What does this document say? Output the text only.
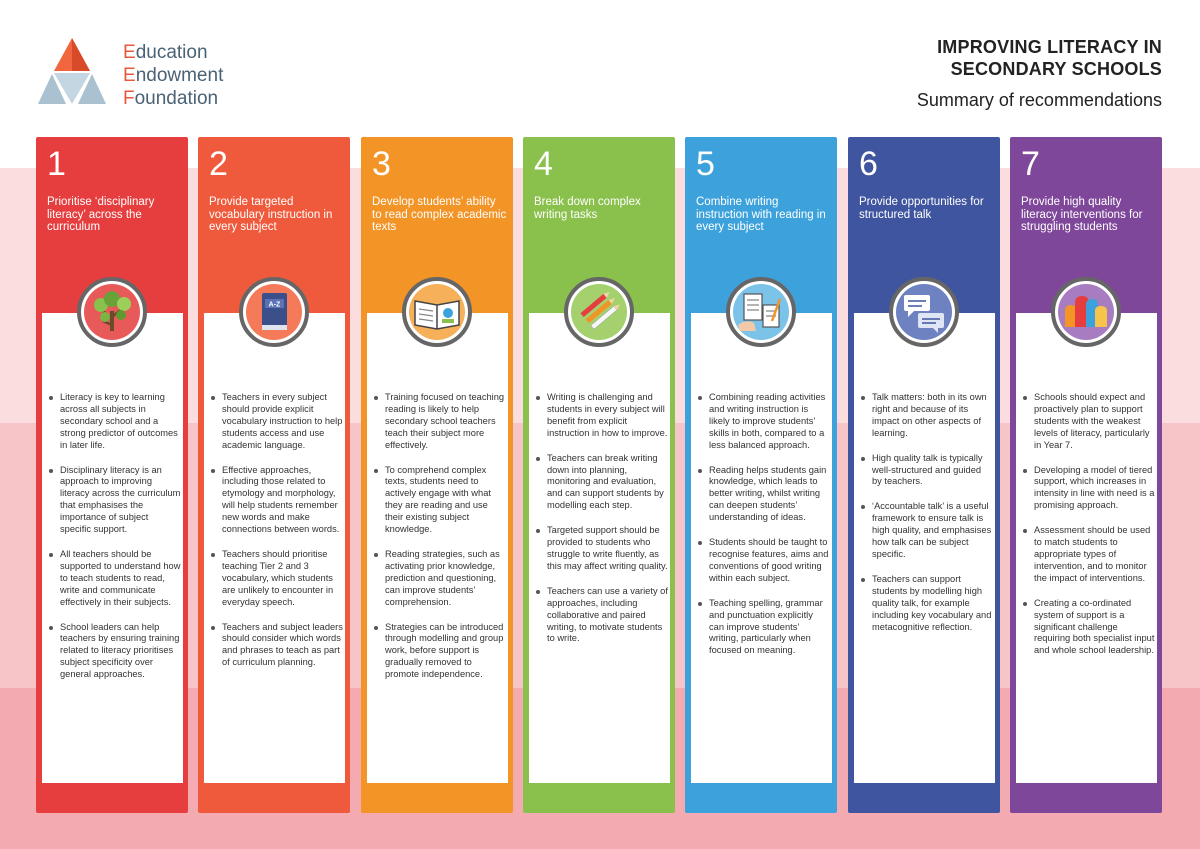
Education
Endowment
Foundation
IMPROVING LITERACY IN
SECONDARY SCHOOLS
Summary of recommendations
1
Prioritise ‘disciplinary literacy’ across the curriculum
Literacy is key to learning across all subjects in secondary school and a strong predictor of outcomes in later life.
Disciplinary literacy is an approach to improving literacy across the curriculum that emphasises the importance of subject specific support.
All teachers should be supported to understand how to teach students to read, write and communicate effectively in their subjects.
School leaders can help teachers by ensuring training related to literacy prioritises subject specificity over general approaches.
2
Provide targeted vocabulary instruction in every subject
A-Z
Teachers in every subject should provide explicit vocabulary instruction to help students access and use academic language.
Effective approaches, including those related to etymology and morphology, will help students remember new words and make connections between words.
Teachers should prioritise teaching Tier 2 and 3 vocabulary, which students are unlikely to encounter in everyday speech.
Teachers and subject leaders should consider which words and phrases to teach as part of curriculum planning.
3
Develop students’ ability to read complex academic texts
Training focused on teaching reading is likely to help secondary school teachers teach their subject more effectively.
To comprehend complex texts, students need to actively engage with what they are reading and use their existing subject knowledge.
Reading strategies, such as activating prior knowledge, prediction and questioning, can improve students’ comprehension.
Strategies can be introduced through modelling and group work, before support is gradually removed to promote independence.
4
Break down complex writing tasks
Writing is challenging and students in every subject will benefit from explicit instruction in how to improve.
Teachers can break writing down into planning, monitoring and evaluation, and can support students by modelling each step.
Targeted support should be provided to students who struggle to write fluently, as this may affect writing quality.
Teachers can use a variety of approaches, including collaborative and paired writing, to motivate students to write.
5
Combine writing instruction with reading in every subject
Combining reading activities and writing instruction is likely to improve students’ skills in both, compared to a less balanced approach.
Reading helps students gain knowledge, which leads to better writing, whilst writing can deepen students’ understanding of ideas.
Students should be taught to recognise features, aims and conventions of good writing within each subject.
Teaching spelling, grammar and punctuation explicitly can improve students’ writing, particularly when focused on meaning.
6
Provide opportunities for structured talk
Talk matters: both in its own right and because of its impact on other aspects of learning.
High quality talk is typically well-structured and guided by teachers.
‘Accountable talk’ is a useful framework to ensure talk is high quality, and emphasises how talk can be subject specific.
Teachers can support students by modelling high quality talk, for example including key vocabulary and metacognitive reflection.
7
Provide high quality literacy interventions for struggling students
Schools should expect and proactively plan to support students with the weakest levels of literacy, particularly in Year 7.
Developing a model of tiered support, which increases in intensity in line with need is a promising approach.
Assessment should be used to match students to appropriate types of intervention, and to monitor the impact of interventions.
Creating a co-ordinated system of support is a significant challenge requiring both specialist input and whole school leadership.
